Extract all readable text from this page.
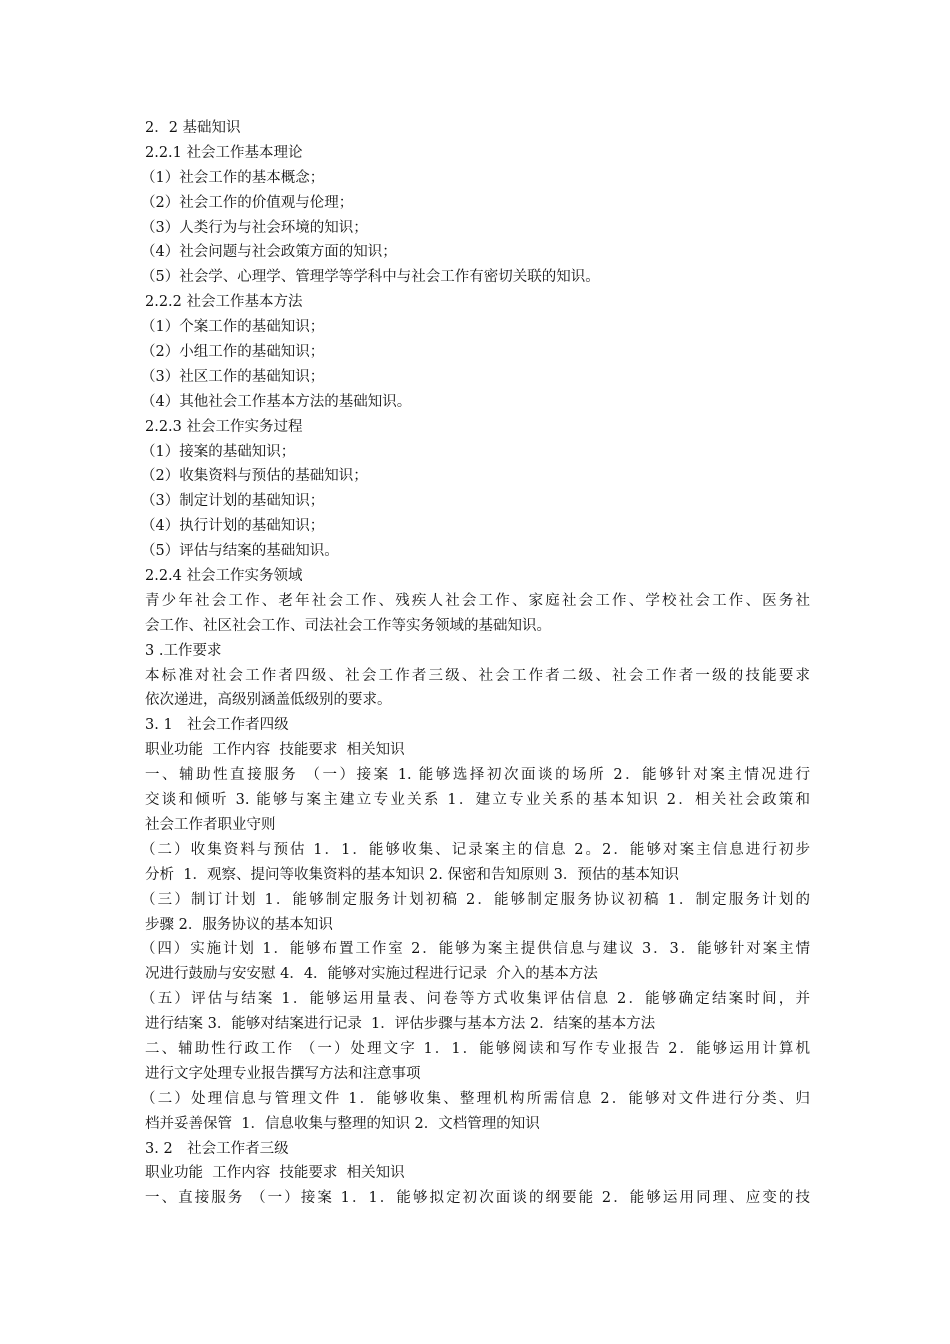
2．2 基础知识
2.2.1 社会工作基本理论
（1）社会工作的基本概念；
（2）社会工作的价值观与伦理；
（3）人类行为与社会环境的知识；
（4）社会问题与社会政策方面的知识；
（5）社会学、心理学、管理学等学科中与社会工作有密切关联的知识。
2.2.2 社会工作基本方法
（1）个案工作的基础知识；
（2）小组工作的基础知识；
（3）社区工作的基础知识；
（4）其他社会工作基本方法的基础知识。
2.2.3 社会工作实务过程
（1）接案的基础知识；
（2）收集资料与预估的基础知识；
（3）制定计划的基础知识；
（4）执行计划的基础知识；
（5）评估与结案的基础知识。
2.2.4 社会工作实务领域
青少年社会工作、老年社会工作、残疾人社会工作、家庭社会工作、学校社会工作、医务社
会工作、社区社会工作、司法社会工作等实务领域的基础知识。
3 .工作要求
本标准对社会工作者四级、社会工作者三级、社会工作者二级、社会工作者一级的技能要求
依次递进，高级别涵盖低级别的要求。
3. 1　社会工作者四级
职业功能  工作内容  技能要求  相关知识
一、辅助性直接服务 （一）接案 1. 能够选择初次面谈的场所 2．能够针对案主情况进行
交谈和倾听 3. 能够与案主建立专业关系 1．建立专业关系的基本知识 2．相关社会政策和
社会工作者职业守则
（二）收集资料与预估 1．1．能够收集、记录案主的信息 2。2．能够对案主信息进行初步
分析  1．观察、提问等收集资料的基本知识 2. 保密和告知原则 3．预估的基本知识
（三）制订计划 1．能够制定服务计划初稿 2．能够制定服务协议初稿 1．制定服务计划的
步骤 2．服务协议的基本知识
（四）实施计划 1．能够布置工作室 2．能够为案主提供信息与建议 3．3．能够针对案主情
况进行鼓励与安安慰 4．4．能够对实施过程进行记录  介入的基本方法
（五）评估与结案 1．能够运用量表、问卷等方式收集评估信息 2．能够确定结案时间，并
进行结案 3．能够对结案进行记录  1．评估步骤与基本方法 2．结案的基本方法
二、辅助性行政工作 （一）处理文字 1．1．能够阅读和写作专业报告 2．能够运用计算机
进行文字处理专业报告撰写方法和注意事项
（二）处理信息与管理文件 1．能够收集、整理机构所需信息 2．能够对文件进行分类、归
档并妥善保管  1．信息收集与整理的知识 2．文档管理的知识
3. 2　社会工作者三级
职业功能  工作内容  技能要求  相关知识
一、直接服务 （一）接案 1．1．能够拟定初次面谈的纲要能 2．能够运用同理、应变的技
